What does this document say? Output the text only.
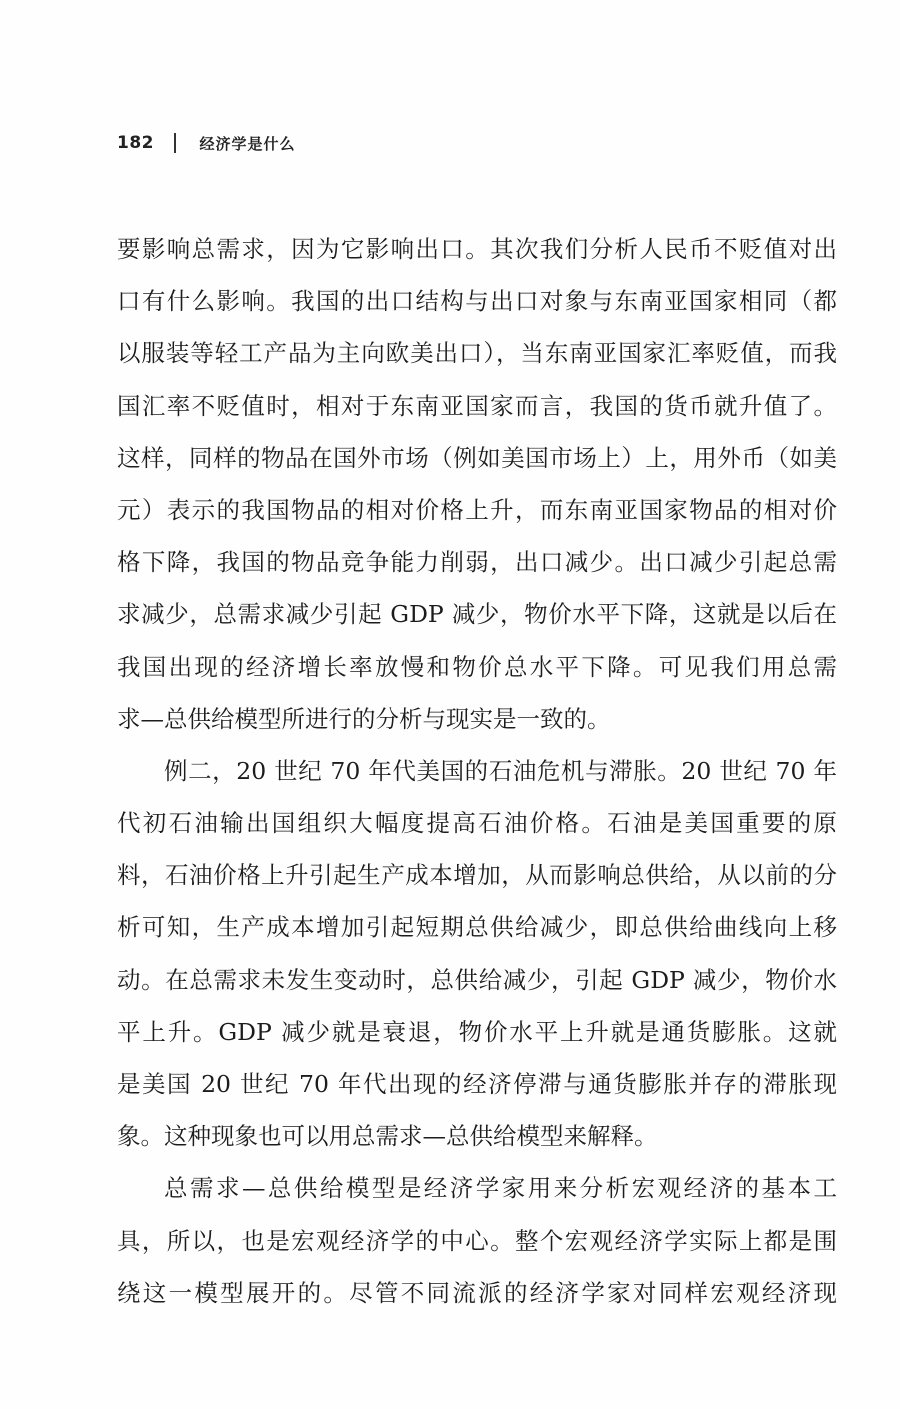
182	经济学是什么
要影响总需求，因为它影响出口。其次我们分析人民币不贬值对出
口有什么影响。我国的出口结构与出口对象与东南亚国家相同（都
以服装等轻工产品为主向欧美出口），当东南亚国家汇率贬值，而我
国汇率不贬值时，相对于东南亚国家而言，我国的货币就升值了。
这样，同样的物品在国外市场（例如美国市场上）上，用外币（如美
元）表示的我国物品的相对价格上升，而东南亚国家物品的相对价
格下降，我国的物品竞争能力削弱，出口减少。出口减少引起总需
求减少，总需求减少引起 GDP 减少，物价水平下降，这就是以后在
我国出现的经济增长率放慢和物价总水平下降。可见我们用总需
求—总供给模型所进行的分析与现实是一致的。
例二，20 世纪 70 年代美国的石油危机与滞胀。20 世纪 70 年
代初石油输出国组织大幅度提高石油价格。石油是美国重要的原
料，石油价格上升引起生产成本增加，从而影响总供给，从以前的分
析可知，生产成本增加引起短期总供给减少，即总供给曲线向上移
动。在总需求未发生变动时，总供给减少，引起 GDP 减少，物价水
平上升。GDP 减少就是衰退，物价水平上升就是通货膨胀。这就
是美国 20 世纪 70 年代出现的经济停滞与通货膨胀并存的滞胀现
象。这种现象也可以用总需求—总供给模型来解释。
总需求—总供给模型是经济学家用来分析宏观经济的基本工
具，所以，也是宏观经济学的中心。整个宏观经济学实际上都是围
绕这一模型展开的。尽管不同流派的经济学家对同样宏观经济现
